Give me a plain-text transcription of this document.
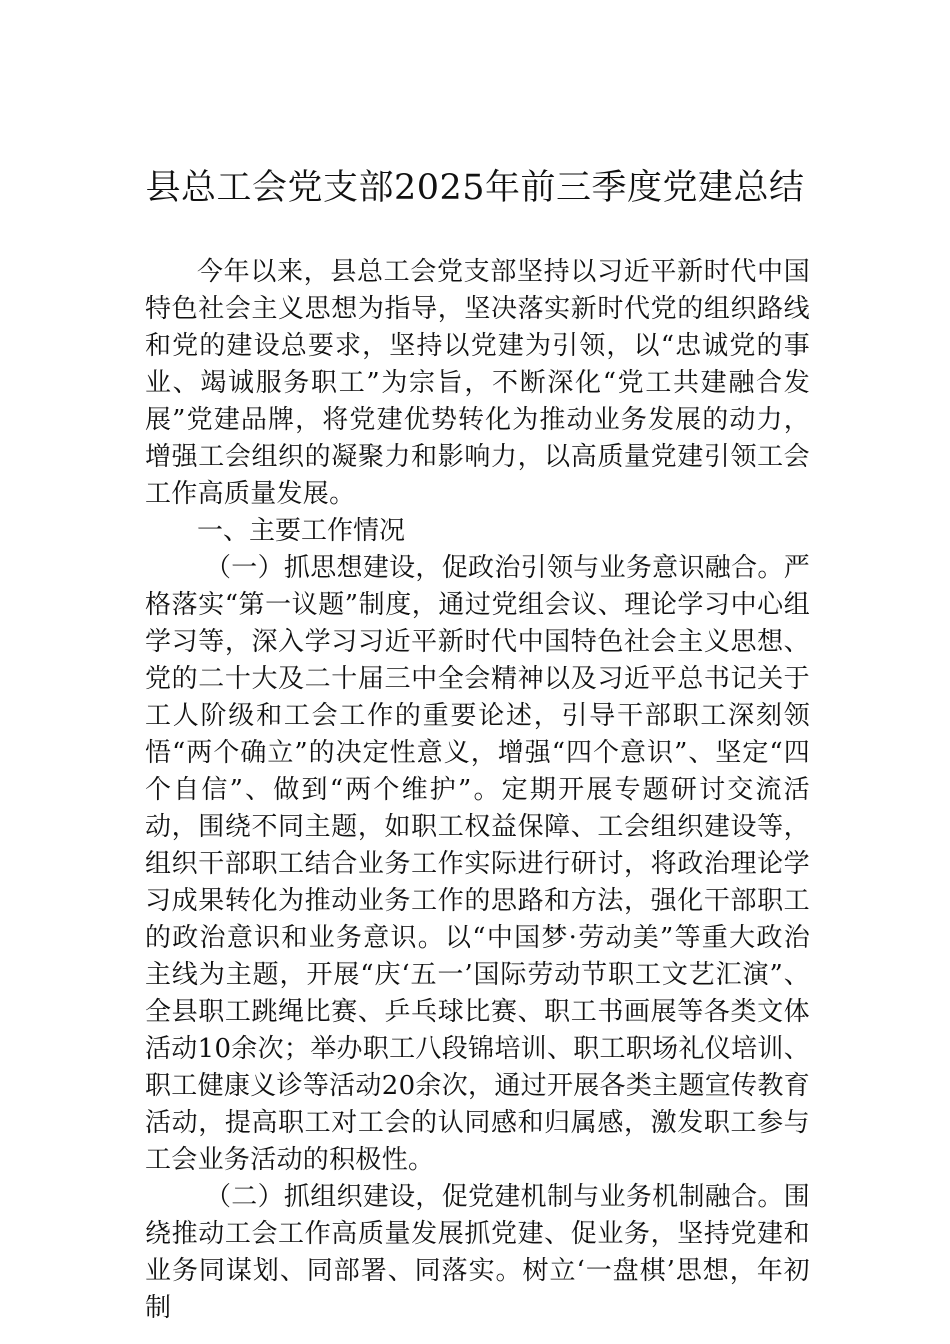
县总工会党支部2025年前三季度党建总结

今年以来，县总工会党支部坚持以习近平新时代中国特色社会主义思想为指导，坚决落实新时代党的组织路线和党的建设总要求，坚持以党建为引领，以“忠诚党的事业、竭诚服务职工”为宗旨，不断深化“党工共建融合发展”党建品牌，将党建优势转化为推动业务发展的动力，增强工会组织的凝聚力和影响力，以高质量党建引领工会工作高质量发展。

一、主要工作情况

（一）抓思想建设，促政治引领与业务意识融合。严格落实“第一议题”制度，通过党组会议、理论学习中心组学习等，深入学习习近平新时代中国特色社会主义思想、党的二十大及二十届三中全会精神以及习近平总书记关于工人阶级和工会工作的重要论述，引导干部职工深刻领悟“两个确立”的决定性意义，增强“四个意识”、坚定“四个自信”、做到“两个维护”。定期开展专题研讨交流活动，围绕不同主题，如职工权益保障、工会组织建设等，组织干部职工结合业务工作实际进行研讨，将政治理论学习成果转化为推动业务工作的思路和方法，强化干部职工的政治意识和业务意识。以“中国梦·劳动美”等重大政治主线为主题，开展“庆‘五一’国际劳动节职工文艺汇演”、全县职工跳绳比赛、乒乓球比赛、职工书画展等各类文体活动10余次；举办职工八段锦培训、职工职场礼仪培训、职工健康义诊等活动20余次，通过开展各类主题宣传教育活动，提高职工对工会的认同感和归属感，激发职工参与工会业务活动的积极性。

（二）抓组织建设，促党建机制与业务机制融合。围绕推动工会工作高质量发展抓党建、促业务，坚持党建和业务同谋划、同部署、同落实。树立‘一盘棋’思想，年初制
